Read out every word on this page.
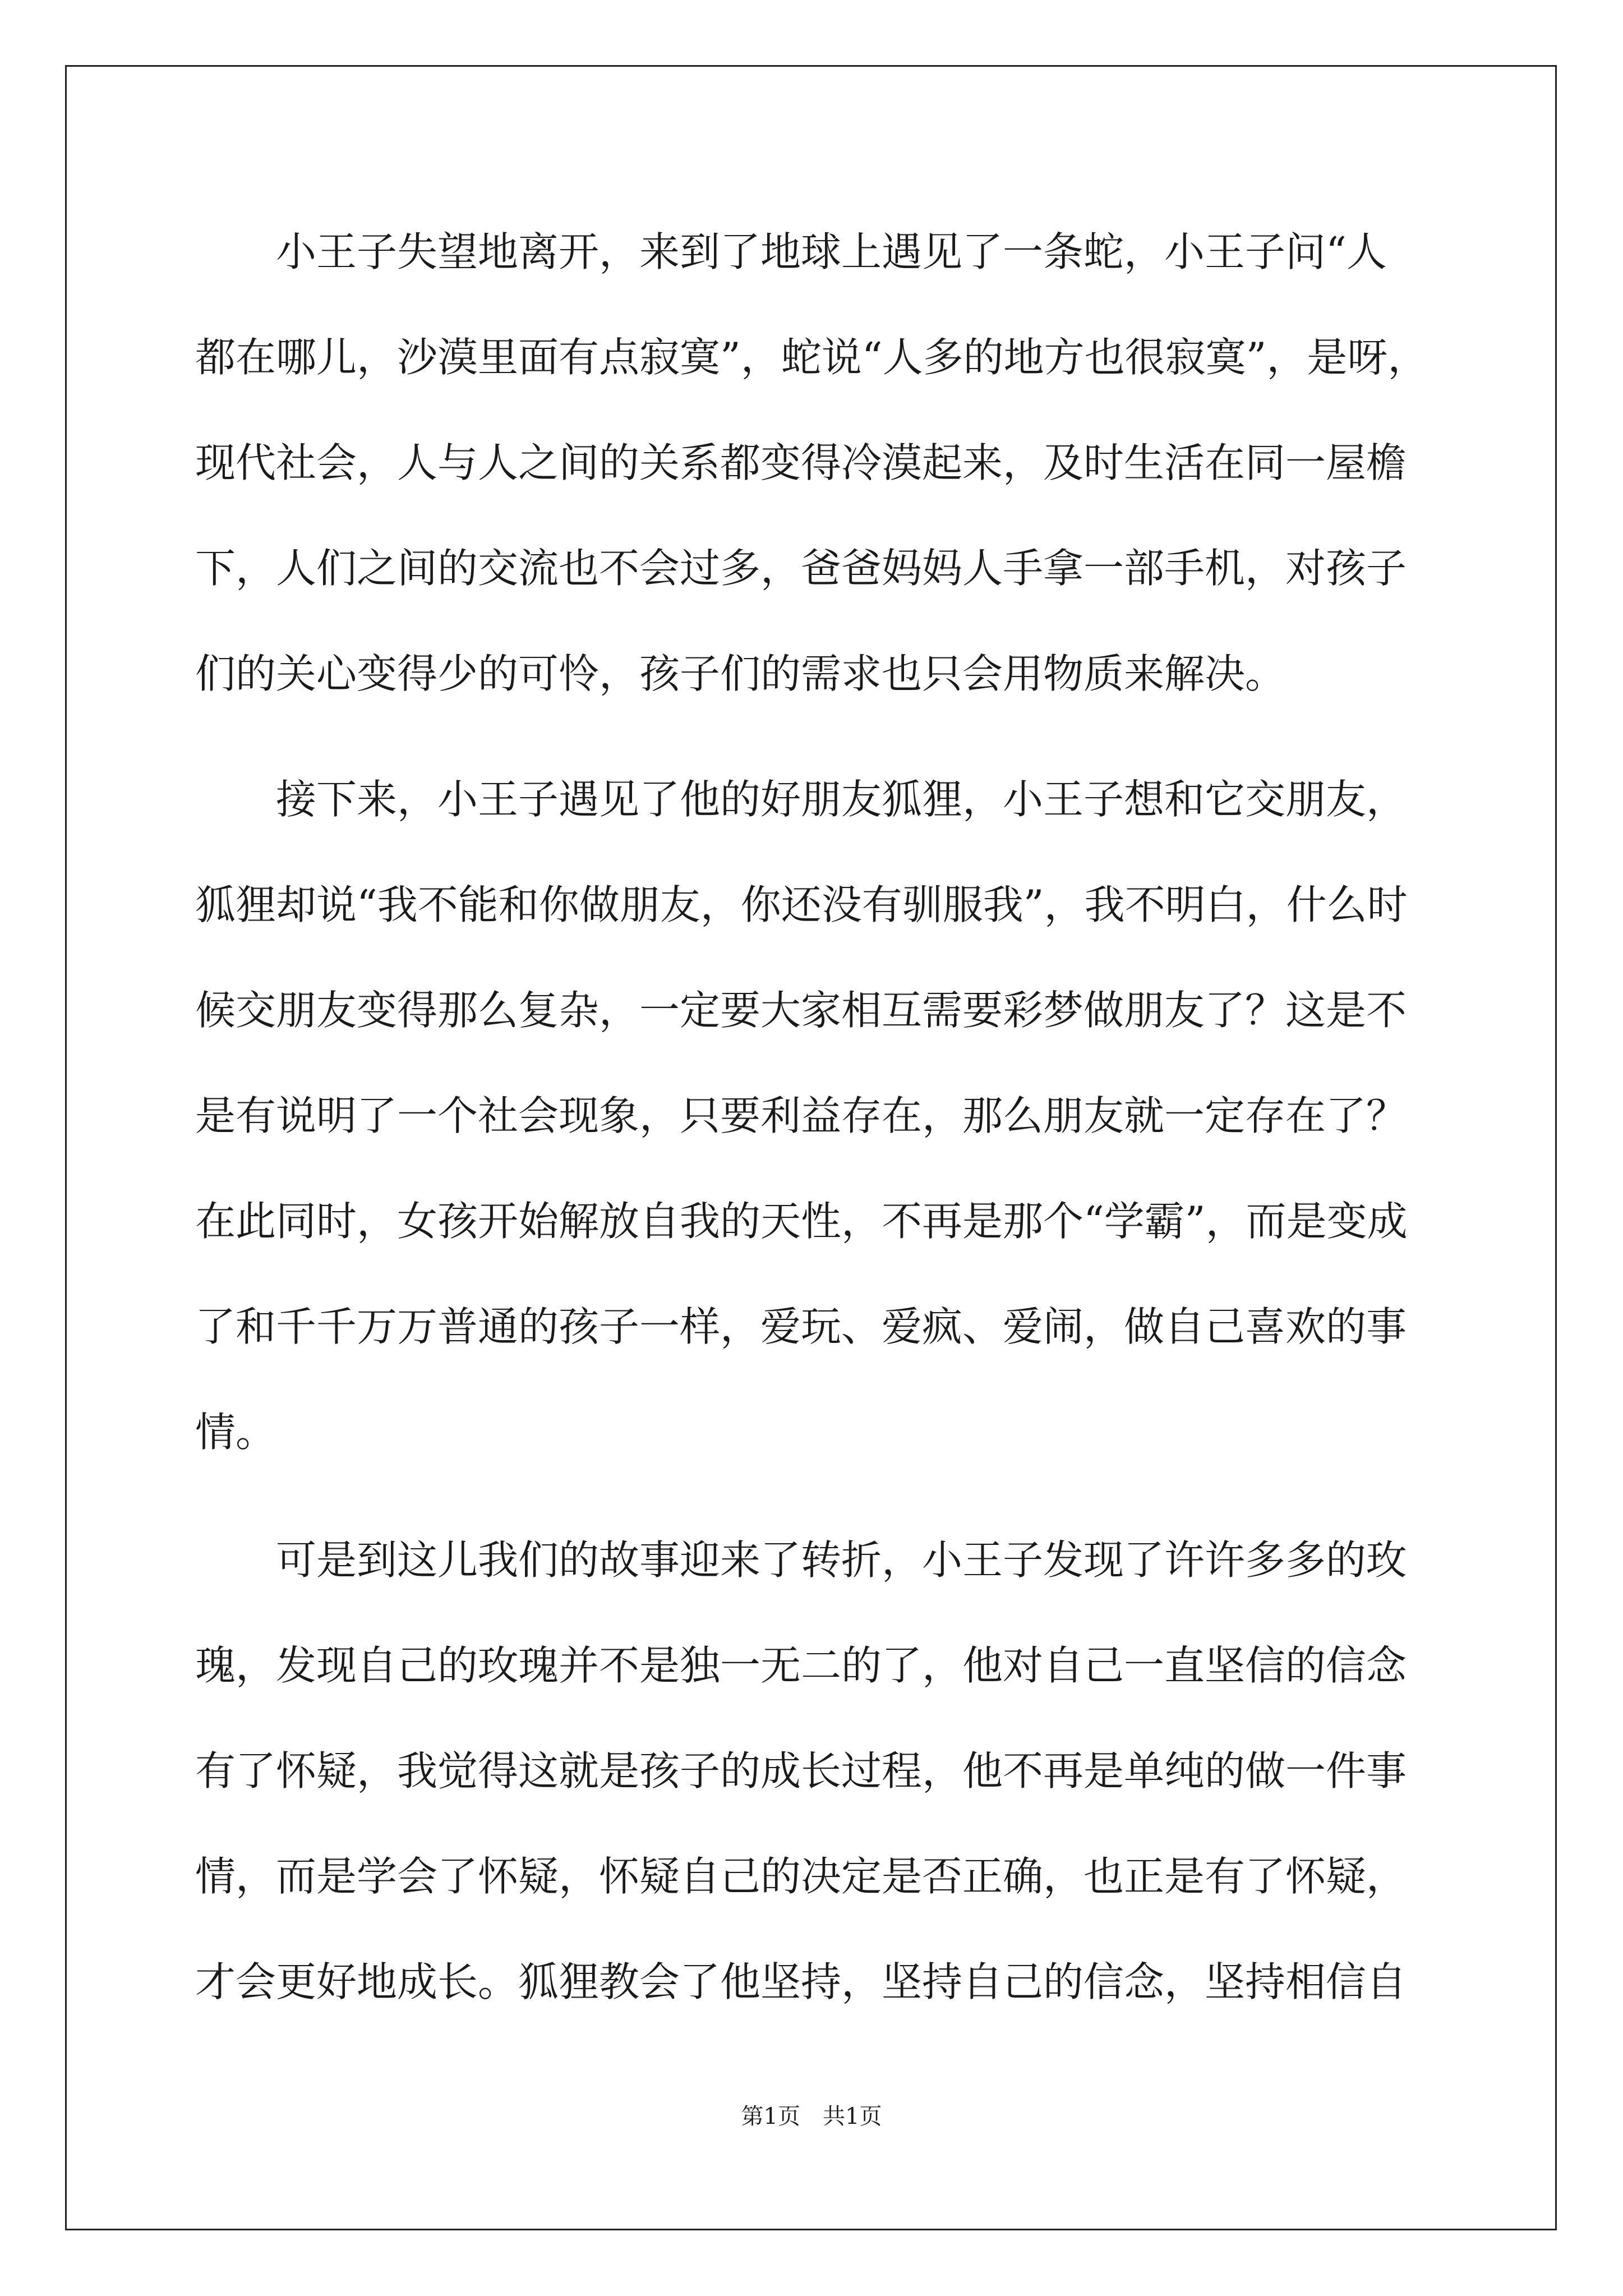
小王子失望地离开，来到了地球上遇见了一条蛇，小王子问“人
都在哪儿，沙漠里面有点寂寞”，蛇说“人多的地方也很寂寞”，是呀，
现代社会，人与人之间的关系都变得冷漠起来，及时生活在同一屋檐
下，人们之间的交流也不会过多，爸爸妈妈人手拿一部手机，对孩子
们的关心变得少的可怜，孩子们的需求也只会用物质来解决。
接下来，小王子遇见了他的好朋友狐狸，小王子想和它交朋友，
狐狸却说“我不能和你做朋友，你还没有驯服我”，我不明白，什么时
候交朋友变得那么复杂，一定要大家相互需要彩梦做朋友了？这是不
是有说明了一个社会现象，只要利益存在，那么朋友就一定存在了？
在此同时，女孩开始解放自我的天性，不再是那个“学霸”，而是变成
了和千千万万普通的孩子一样，爱玩、爱疯、爱闹，做自己喜欢的事
情。
可是到这儿我们的故事迎来了转折，小王子发现了许许多多的玫
瑰，发现自己的玫瑰并不是独一无二的了，他对自己一直坚信的信念
有了怀疑，我觉得这就是孩子的成长过程，他不再是单纯的做一件事
情，而是学会了怀疑，怀疑自己的决定是否正确，也正是有了怀疑，
才会更好地成长。狐狸教会了他坚持，坚持自己的信念，坚持相信自
第1页　共1页
